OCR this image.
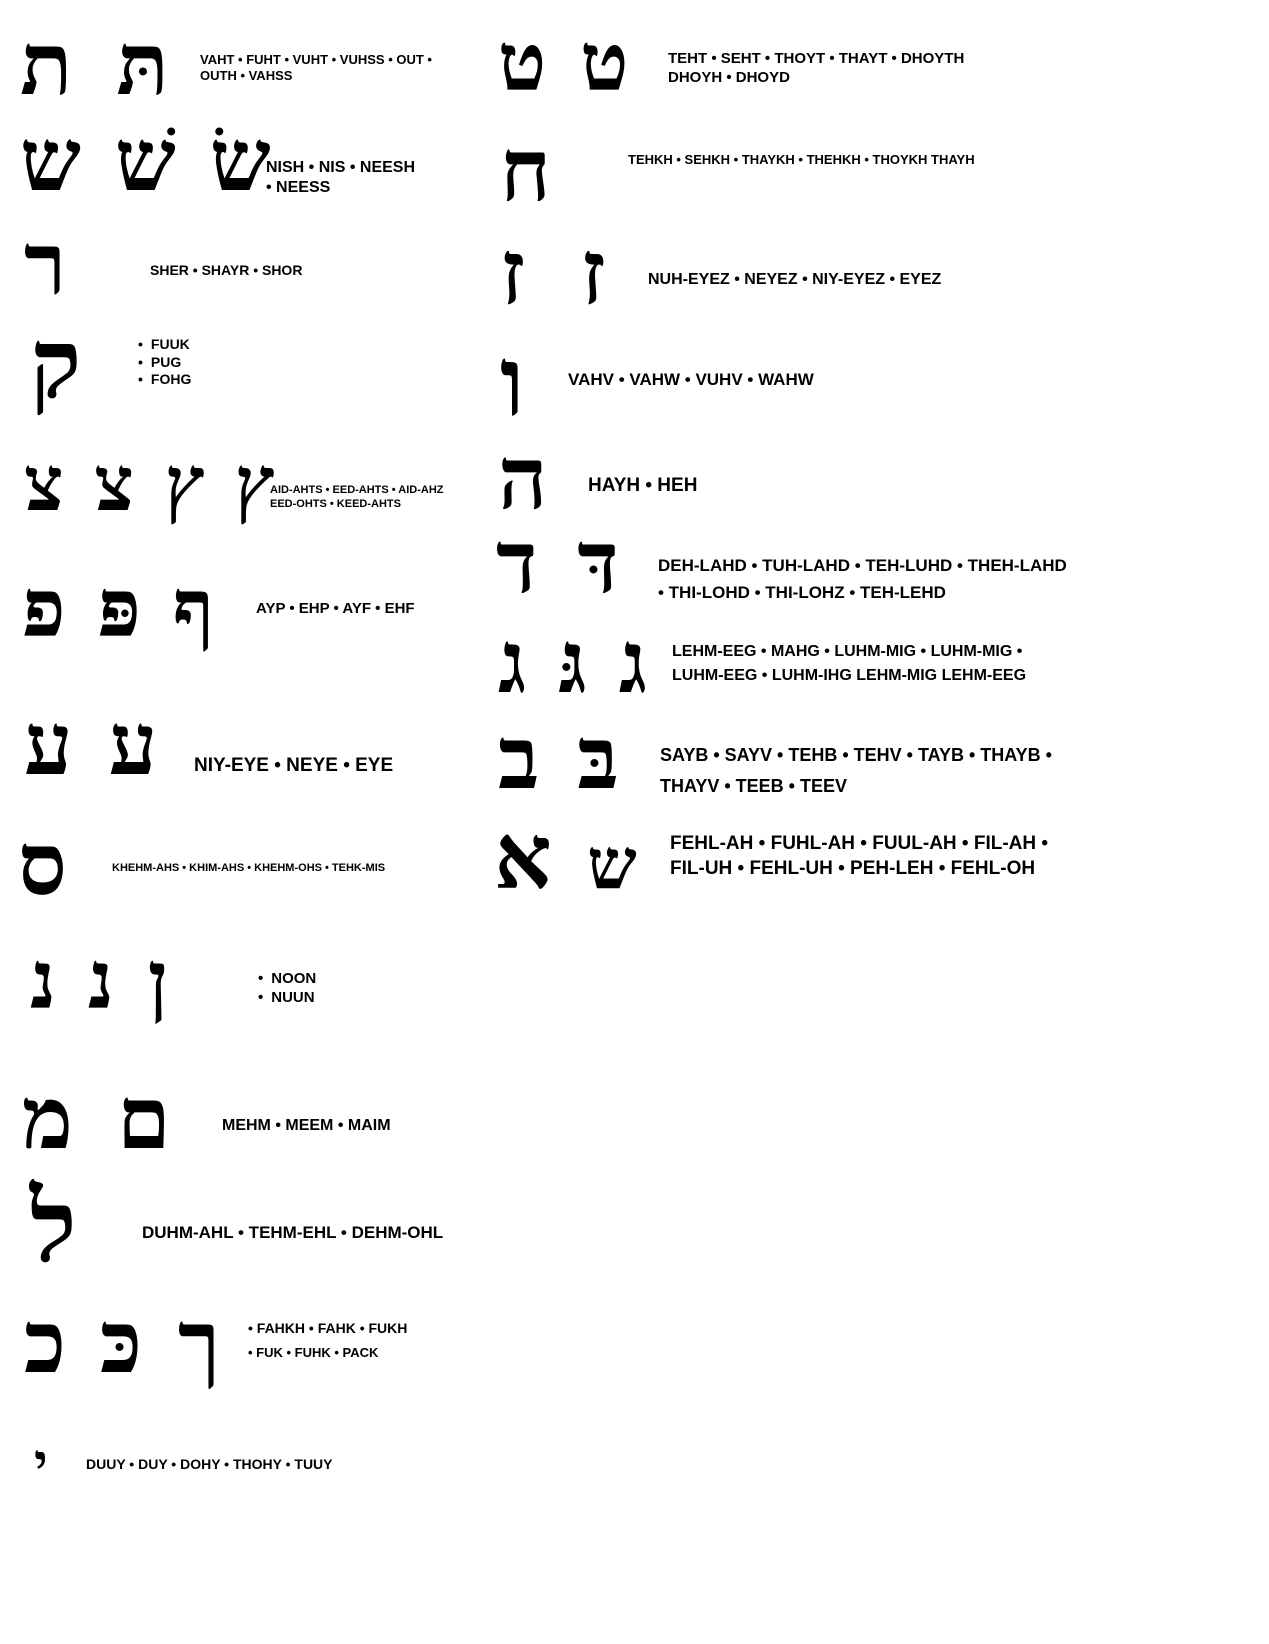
ת תּ VAHT • FUHT • VUHT • VUHSS • OUT •
OUTH • VAHSS
ש שׁ שׂ
NISH • NIS • NEESH
• NEESS
ר	SHER • SHAYR • SHOR
ק	• FUUK
• PUG
• FOHG
צ צ ץ ץ
AID-AHTS • EED-AHTS • AID-AHZ
EED-OHTS • KEED-AHTS
פ פּ ף	AYP • EHP • AYF • EHF
ע ע NIY-EYE • NEYE • EYE
ס	KHEHM-AHS • KHIM-AHS • KHEHM-OHS • TEHK-MIS
נ נ ן	• NOON
• NUUN
מ ם	MEHM • MEEM • MAIM
ל	DUHM-AHL • TEHM-EHL • DEHM-OHL
כ כּ ך • FAHKH • FAHK • FUKH
• FUK • FUHK • PACK
י	DUUY • DUY • DOHY • THOHY • TUUY
ט ט	TEHT • SEHT • THOYT • THAYT • DHOYTH
DHOYH • DHOYD
ח	TEHKH • SEHKH • THAYKH • THEHKH • THOYKH THAYH
ז ז	NUH-EYEZ • NEYEZ • NIY-EYEZ • EYEZ
ו	VAHV • VAHW • VUHV • WAHW
ה HAYH • HEH
ד דּ DEH-LAHD • TUH-LAHD • TEH-LUHD • THEH-LAHD
• THI-LOHD • THI-LOHZ • TEH-LEHD
ג גּ ג LEHM-EEG • MAHG • LUHM-MIG • LUHM-MIG •
LUHM-EEG • LUHM-IHG LEHM-MIG LEHM-EEG
ב בּ SAYB • SAYV • TEHB • TEHV • TAYB • THAYB •
THAYV • TEEB • TEEV
א ש FEHL-AH • FUHL-AH • FUUL-AH • FIL-AH •
FIL-UH • FEHL-UH • PEH-LEH • FEHL-OH
